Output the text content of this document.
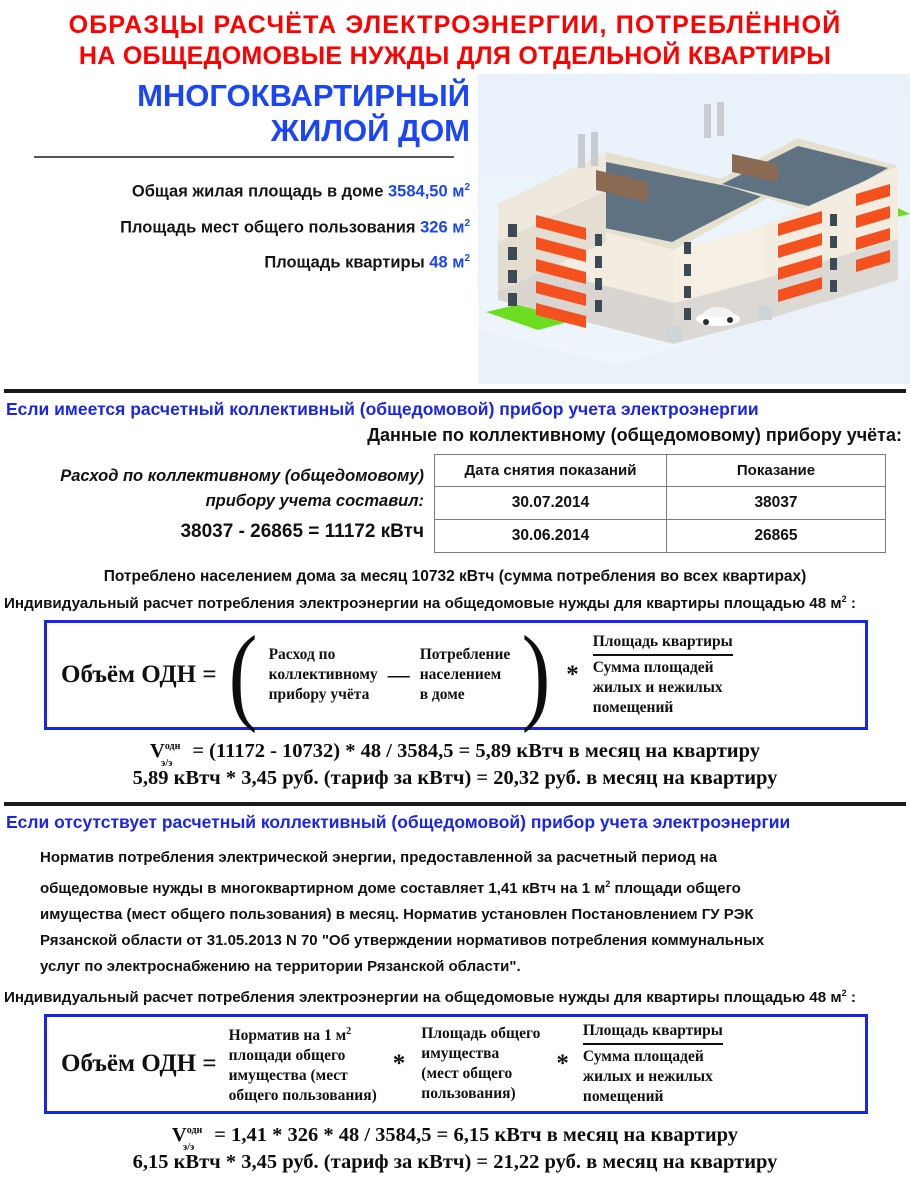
ОБРАЗЦЫ РАСЧЁТА ЭЛЕКТРОЭНЕРГИИ, ПОТРЕБЛЁННОЙ
НА ОБЩЕДОМОВЫЕ НУЖДЫ ДЛЯ ОТДЕЛЬНОЙ КВАРТИРЫ
МНОГОКВАРТИРНЫЙ
ЖИЛОЙ ДОМ
Общая жилая площадь в доме 3584,50 $м^2$
Площадь мест общего пользования 326 $м^2$
Площадь квартиры 48 $м^2$
Если имеется расчетный коллективный (общедомовой) прибор учета электроэнергии
Данные по коллективному (общедомовому) прибору учёта:
Расход по коллективному (общедомовому)
прибору учета составил:
38037 - 26865 = 11172 кВтч
Дата снятия показаний	Показание
30.07.2014	38037
30.06.2014	26865
Потреблено населением дома за месяц 10732 кВтч (сумма потребления во всех квартирах)
Индивидуальный расчет потребления электроэнергии на общедомовые нужды для квартиры площадью 48 $м^2$ :
Объём ОДН = ( Расход по
коллективному
прибору учёта
—
Потребление
населением
в доме ) * Площадь квартиры
Сумма площадей
жилых и нежилых
помещений
$V^{одн}$
э/э
= (11172 - 10732) * 48 / 3584,5 = 5,89 кВтч в месяц на квартиру
5,89 кВтч * 3,45 руб. (тариф за кВтч) = 20,32 руб. в месяц на квартиру
Если отсутствует расчетный коллективный (общедомовой) прибор учета электроэнергии
Норматив потребления электрической энергии, предоставленной за расчетный период на
общедомовые нужды в многоквартирном доме составляет 1,41 кВтч на 1 $м^2$ площади общего
имущества (мест общего пользования) в месяц. Норматив установлен Постановлением ГУ РЭК
Рязанской области от 31.05.2013 N 70 "Об утверждении нормативов потребления коммунальных
услуг по электроснабжению на территории Рязанской области".
Индивидуальный расчет потребления электроэнергии на общедомовые нужды для квартиры площадью 48 $м^2$ :
Объём ОДН =
Норматив на 1 $м^2$
площади общего
имущества (мест
общего пользования)
*
Площадь общего
имущества
(мест общего
пользования)
* Площадь квартиры
Сумма площадей
жилых и нежилых
помещений
$V^{одн}$
э/э
= 1,41 * 326 * 48 / 3584,5 = 6,15 кВтч в месяц на квартиру
6,15 кВтч * 3,45 руб. (тариф за кВтч) = 21,22 руб. в месяц на квартиру
